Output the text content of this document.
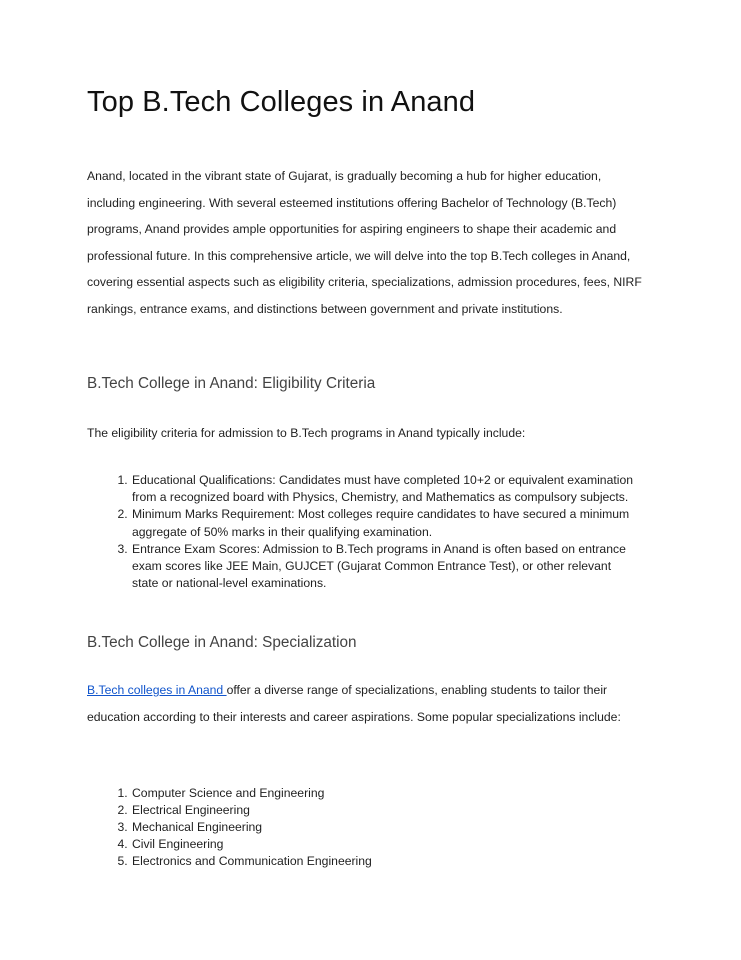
Top B.Tech Colleges in Anand

Anand, located in the vibrant state of Gujarat, is gradually becoming a hub for higher education, including engineering. With several esteemed institutions offering Bachelor of Technology (B.Tech) programs, Anand provides ample opportunities for aspiring engineers to shape their academic and professional future. In this comprehensive article, we will delve into the top B.Tech colleges in Anand, covering essential aspects such as eligibility criteria, specializations, admission procedures, fees, NIRF rankings, entrance exams, and distinctions between government and private institutions.

B.Tech College in Anand: Eligibility Criteria

The eligibility criteria for admission to B.Tech programs in Anand typically include:

1. Educational Qualifications: Candidates must have completed 10+2 or equivalent examination from a recognized board with Physics, Chemistry, and Mathematics as compulsory subjects.
2. Minimum Marks Requirement: Most colleges require candidates to have secured a minimum aggregate of 50% marks in their qualifying examination.
3. Entrance Exam Scores: Admission to B.Tech programs in Anand is often based on entrance exam scores like JEE Main, GUJCET (Gujarat Common Entrance Test), or other relevant state or national-level examinations.
B.Tech College in Anand: Specialization

B.Tech colleges in Anand offer a diverse range of specializations, enabling students to tailor their education according to their interests and career aspirations. Some popular specializations include:

1. Computer Science and Engineering
2. Electrical Engineering
3. Mechanical Engineering
4. Civil Engineering
5. Electronics and Communication Engineering
